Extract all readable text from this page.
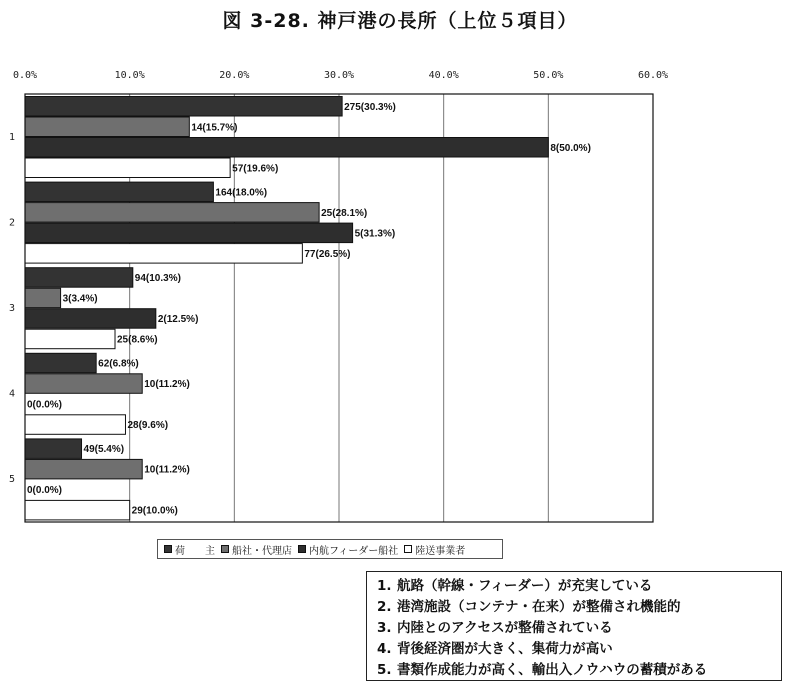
図 3-28. 神戸港の長所（上位５項目）
0.0%	10.0%	20.0%	30.0%	40.0%	50.0%	60.0%
1
2
3
4
5
275(30.3%)
14(15.7%)
8(50.0%)
57(19.6%)
164(18.0%)
25(28.1%)
5(31.3%)
77(26.5%)
94(10.3%)
3(3.4%)
2(12.5%)
25(8.6%)
62(6.8%)
10(11.2%)
0(0.0%)
28(9.6%)
49(5.4%)
10(11.2%)
0(0.0%)
29(10.0%)
荷　　主 船社・代理店 内航フィーダー船社 陸送事業者
1. 航路（幹線・フィーダー）が充実している
2. 港湾施設（コンテナ・在来）が整備され機能的
3. 内陸とのアクセスが整備されている
4. 背後経済圏が大きく、集荷力が高い
5. 書類作成能力が高く、輸出入ノウハウの蓄積がある
